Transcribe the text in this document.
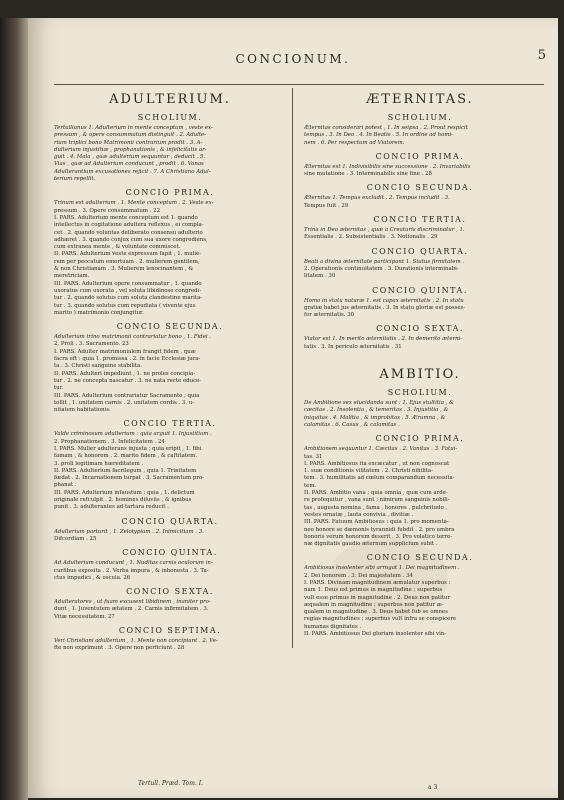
CONCIONUM.	5
ADULTERIUM.
SCHOLIUM.

Tertullianus 1. Adulterium in mente conceptum , veste ex-

pressum , & opere consummatum distinguit . 2. Adulte-

rium triplici bono Matrimonii contrarium prodit . 3. A-

dulterium injustitiæ , prophanationis , & infelicitatis ar-

guit . 4. Mala , quæ adulterium sequuntur , deducit . 5.

Vias , quæ ad Adulterium conducunt , prodit . 6. Vanas

Adulterantium excusationes rejicit . 7. A Christiano Adul-

terium repellit.

CONCIO PRIMA.

Trinum est adulterium . 1. Mente conceptum . 2. Veste ex-

pressum . 3. Opere consummatum . 22

I. PARS. Adulterium mente conceptum est 1. quando

intellectus in cogitatione adultera reflexus , ei compla-

cet . 2. quando voluntas deliberato consensu adulterio

adhæret . 3. quando conjux cum sua uxore congrediens,

cum extranea mente , & voluntate commiscet.

II. PARS. Adulterium veste expressum fapit , 1. mulie-

rem per peccatum emortuam . 2. mulierem gentilem,

& non Christianam . 3. Mulierem lenocinantem , &

meretriciam.

III. PARS. Adulterium opere consummatur , 1. quando

uxoratus cum uxorata , vel soluta libidinose congredi-

tur . 2. quando solutus cum soluta clandestine marita-

tur . 3. quando solutus cum repudiata ( vivente ejus

marito ) matrimonio conjungitur.

CONCIO SECUNDA.

Adulterium trino matrimonii contrariatur bono , 1. Fidei .

2. Proli . 3. Sacramento. 23

I. PARS. Adulter matrimonialem frangit fidem , quæ

facra eft : quia 1. promissa . 2. in facie Ecclesiæ jura-

ta . 3. Christi sanguine stabilita.

II. PARS. Adulteri impediunt , 1. ne proles concipia-

tur . 2. ne concepta nascatur . 3. ne nata recte educe-

tur.

III. PARS. Adulterium contrariatur Sacramento ; quia

tollit , 1. unitatem carnis . 2. unitatem cordis . 3. u-

nitatem habitationis.

CONCIO TERTIA.

Valde criminosum adulterium : quia arguit 1. Injustitiam .

2. Prophanationem . 3. Infelicitatem . 24

I. PARS. Mulier adulterans injusta ; quia eripit , 1. fibi

famam , & honorem . 2. marito fidem , & caftitatem.

3. proli legitimam hæreditatem .

II. PARS. Adulterium facrilegum , quia 1. Trinitatem

fœdat . 2. Incarnationem turpat . 3. Sacramentum pro-

phanat .

III. PARS. Adulterium infaustum ; quia , 1. delictum

originale refculpit . 2. homines diluviis , & ignibus

punit . 3. adulterantes ad tartara reducit .

CONCIO QUARTA.

Adulterium parturit , 1. Zelotypiam . 2. Inimicitiam . 3.

Difcordiam . 25

CONCIO QUINTA.

Ad Adulterium conducunt , 1. Nuditas carnis oculorum in-

curfibus exposita . 2. Verba impura , & inhonesta . 3. Ta-

ctus impudici , & oscula. 26

CONCIO SEXTA.

Adulteratores , ut fuam excusent libidinem , inaniter pro-

dunt , 1. Juventutem ætatem . 2. Carnis infirmitatem . 3.

Vitæ necessitatem. 27

CONCIO SEPTIMA.

Veri Christiani adulterium , 1. Mente non concipiunt . 2. Ve-

fte non exprimunt . 3. Opere non perficiunt . 28

ÆTERNITAS.
SCHOLIUM.

Æternitas considerari potest , 1. In seipsa . 2. Prout respicit

tempus . 3. In Deo . 4. In Beatis . 5. In ordine ad homi-

nem . 6. Per respectum ad Viatorem.

CONCIO PRIMA.

Æternitas est 1. Indivisibilis sine successione . 2. Invariabilis

sine mutatione . 3. Interminabilis sine fine . 28

CONCIO SECUNDA.

Æternitas 1. Tempus excludit . 2. Tempus includit . 3.

Tempus fuit . 29

CONCIO TERTIA.

Trina in Deo æternitas , quæ a Creaturis discriminatur , 1.

Essentialis . 2. Subsistentialis . 3. Notionalis . 29

CONCIO QUARTA.

Beati a divina æternitate participant 1. Status firmitatem .

2. Operationis continuitatem . 3. Durationis interminabi-

litatem . 30

CONCIO QUINTA.

Homo in statu naturæ 1. est capax æternitatis . 2. In statu

gratiæ habet jus æternitatis . 3. In statu gloriæ est posses-

for æternitatis. 30

CONCIO SEXTA.

Viator est 1. In merito æternitatis . 2. In demerito æterni-

tatis . 3. In periculo æternitatis . 31

AMBITIO.
SCHOLIUM.

De Ambitione sex elucidanda sunt : 1. Ejus stultitia , &

cæcitas . 2. Insolentia , & temeritas . 3. Injustitia , &

iniquitas . 4. Malitia , & improbitas . 5. Ærumna , &

calamitas . 6. Casus , & calamitas .

CONCIO PRIMA.

Ambitionem sequuntur 1. Cæcitas . 2. Vanitas . 3. Fatui-

tas. 31

I. PARS. Ambitiosus ita excæcatur , ut non cognoscat

1. suæ conditionis vilitatem . 2. Christi nihilita-

tem . 3. humilitatis ad cœlum comparandum necessita-

tem.

II. PARS. Ambitio vana ; quia omnia , quæ cum arde-

re profequitur , vana sunt ; nimirum sanguinis nobili-

tas , augusta nomina , fama , honores , pulchritudo ,

vestes ornatæ , lauta convivia , divitiæ .

III. PARS. Fatuum Ambitiosus : quia 1. pro momenta-

neo honore se dæmonis tyrannidi fubdit . 2. pro umbra

honoris verum honorem deserit . 3. Pro volatico terre-

næ dignitatis gaudio æternum supplicium subit .

CONCIO SECUNDA.

Ambitiosus insolenter sibi arrogat 1. Dei magnitudinem .

2. Dei honorem . 3. Dei majestatem . 34

I. PARS. Divinam magnitudinem æmulatur superbus :

nam 1. Deus est primus in magnitudine ; superbus

vult esse primus in magnitudine . 2. Deus non patitur

æqualem in magnitudine ; superbus non patitur æ-

qualem in magnitudine . 3. Deus habet fub se omnes

regias magnitudines ; superbus vult infra se conspicere

humanas dignitates .

II. PARS. Ambitiosus Dei gloriam insolenter sibi vin-

Tertull. Præd. Tom. I.
a 3
